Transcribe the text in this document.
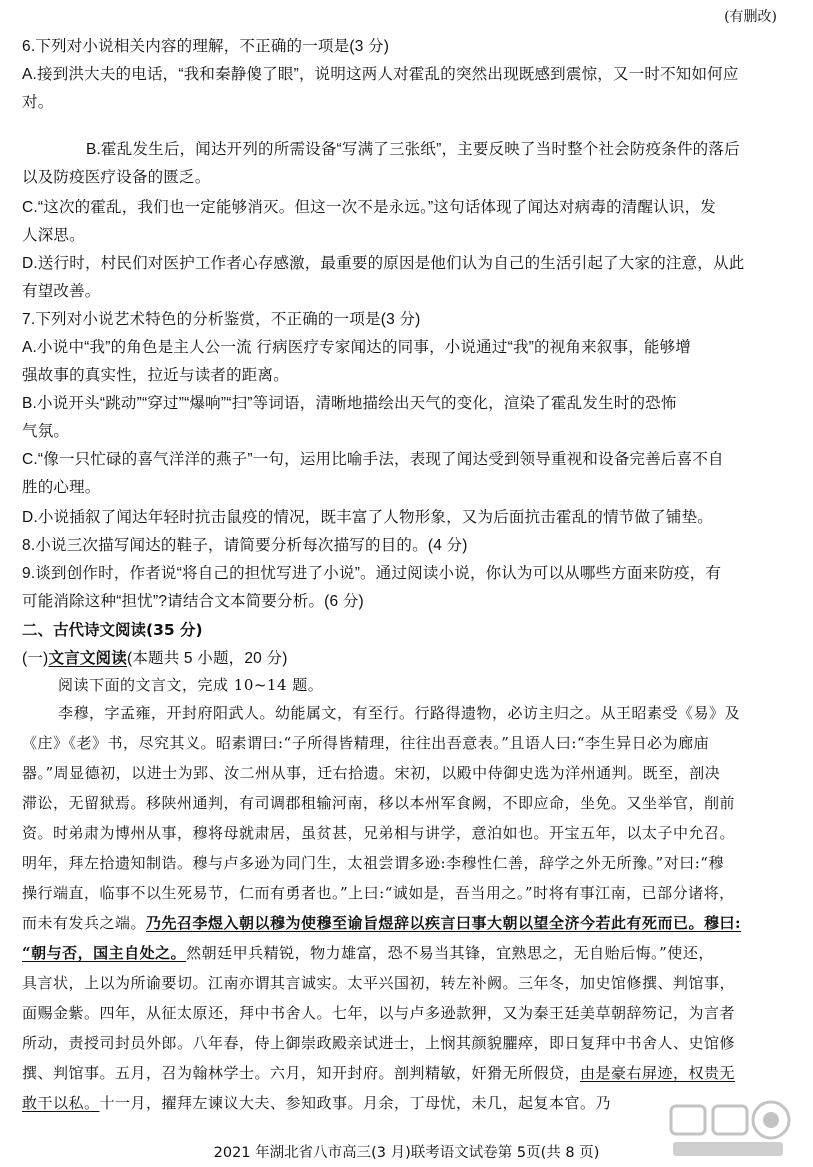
(有删改)
6.下列对小说相关内容的理解，不正确的一项是(3 分)
A.接到洪大夫的电话，“我和秦静傻了眼”，说明这两人对霍乱的突然出现既感到震惊，又一时不知如何应
对。
B.霍乱发生后，闻达开列的所需设备“写满了三张纸”，主要反映了当时整个社会防疫条件的落后
以及防疫医疗设备的匮乏。
C.“这次的霍乱，我们也一定能够消灭。但这一次不是永远。”这句话体现了闻达对病毒的清醒认识，发
人深思。
D.送行时，村民们对医护工作者心存感激，最重要的原因是他们认为自己的生活引起了大家的注意，从此
有望改善。
7.下列对小说艺术特色的分析鉴赏，不正确的一项是(3 分)
A.小说中“我”的角色是主人公一流 行病医疗专家闻达的同事，小说通过“我”的视角来叙事，能够增
强故事的真实性，拉近与读者的距离。
B.小说开头“跳动”“穿过”“爆响”“扫”等词语，清晰地描绘出天气的变化，渲染了霍乱发生时的恐怖
气氛。
C.“像一只忙碌的喜气洋洋的燕子”一句，运用比喻手法，表现了闻达受到领导重视和设备完善后喜不自
胜的心理。
D.小说插叙了闻达年轻时抗击鼠疫的情况，既丰富了人物形象，又为后面抗击霍乱的情节做了铺垫。
8.小说三次描写闻达的鞋子，请简要分析每次描写的目的。(4 分)
9.谈到创作时，作者说“将自己的担忧写进了小说”。通过阅读小说，你认为可以从哪些方面来防疫，有
可能消除这种“担忧”?请结合文本简要分析。(6 分)
二、古代诗文阅读(35 分)
(一)文言文阅读(本题共 5 小题，20 分)
阅读下面的文言文，完成 10~14 题。
李穆，字孟雍，开封府阳武人。幼能属文，有至行。行路得遗物，必访主归之。从王昭素受《易》及
《庄》《老》书，尽究其义。昭素谓曰:“子所得皆精理，往往出吾意表。”且语人曰:“李生异日必为廊庙
器。”周显德初，以进士为郢、汝二州从事，迁右拾遗。宋初，以殿中侍御史选为洋州通判。既至，剖决
滞讼，无留狱焉。移陕州通判，有司调郡租输河南，移以本州军食阙，不即应命，坐免。又坐举官，削前
资。时弟肃为博州从事，穆将母就肃居，虽贫甚，兄弟相与讲学，意泊如也。开宝五年，以太子中允召。
明年，拜左拾遗知制诰。穆与卢多逊为同门生，太祖尝谓多逊:李穆性仁善，辞学之外无所豫。”对曰:“穆
操行端直，临事不以生死易节，仁而有勇者也。”上曰:“诚如是，吾当用之。”时将有事江南，已部分诸将，
而未有发兵之端。乃先召李煜入朝以穆为使穆至谕旨煜辞以疾言曰事大朝以望全济今若此有死而已。穆曰:
“朝与否，国主自处之。然朝廷甲兵精锐，物力雄富，恐不易当其锋，宜熟思之，无自贻后悔。”使还，
具言状，上以为所谕要切。江南亦谓其言诚实。太平兴国初，转左补阙。三年冬，加史馆修撰、判馆事，
面赐金紫。四年，从征太原还，拜中书舍人。七年，以与卢多逊款狎，又为秦王廷美草朝辞笏记，为言者
所动，责授司封员外郎。八年春，侍上御崇政殿亲试进士，上悯其颜貌臞瘁，即日复拜中书舍人、史馆修
撰、判馆事。五月，召为翰林学士。六月，知开封府。剖判精敏，奸猾无所假贷，由是豪右屏迹，权贵无
敢干以私。十一月，擢拜左谏议大夫、参知政事。月余，丁母忧，未几，起复本官。乃
2021 年湖北省八市高三(3 月)联考语文试卷第 5页(共 8 页)
